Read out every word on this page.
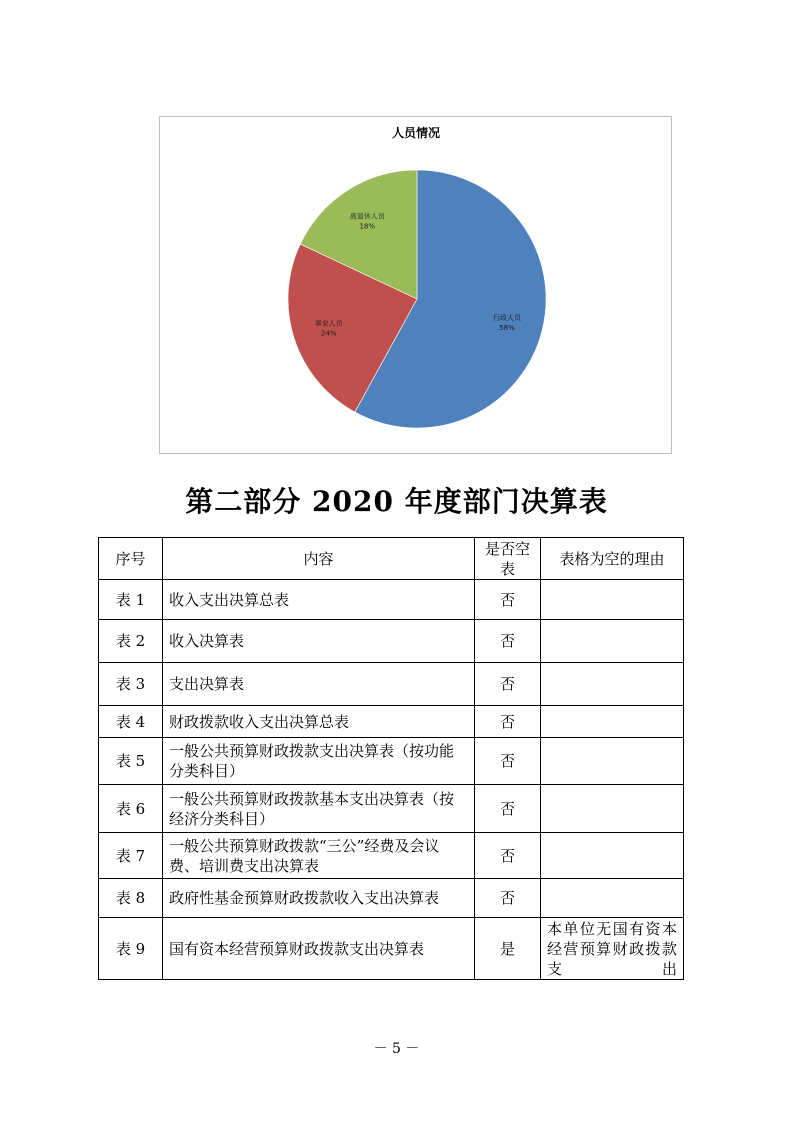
人员情况
行政人员
58%
事业人员
24%
离退休人员
18%
第二部分 2020 年度部门决算表
序号	内容	是否空表	表格为空的理由
表 1	收入支出决算总表	否	
表 2	收入决算表	否	
表 3	支出决算表	否	
表 4	财政拨款收入支出决算总表	否	
表 5	一般公共预算财政拨款支出决算表（按功能分类科目）	否	
表 6	一般公共预算财政拨款基本支出决算表（按经济分类科目）	否	
表 7	一般公共预算财政拨款“三公”经费及会议费、培训费支出决算表	否	
表 8	政府性基金预算财政拨款收入支出决算表	否	
表 9	国有资本经营预算财政拨款支出决算表	是	本单位无国有资本经营预算财政拨款支出
－ 5 －
